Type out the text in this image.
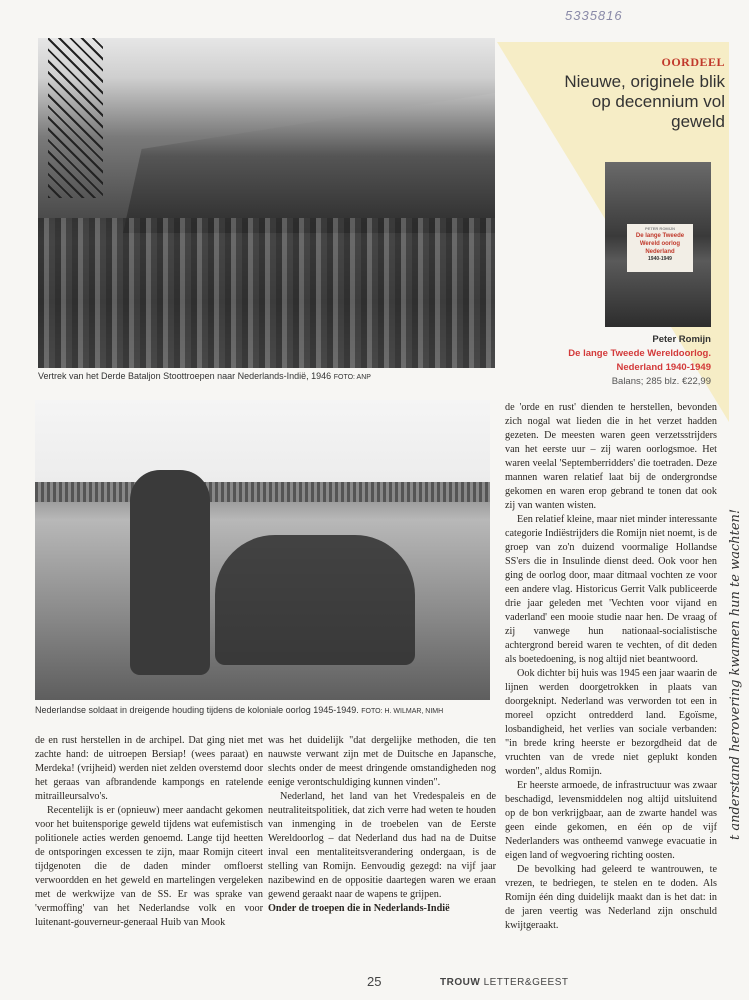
5335816
Vertrek van het Derde Bataljon Stoottroepen naar Nederlands-Indië, 1946 FOTO: ANP
OORDEEL
Nieuwe, originele blik op decennium vol geweld
PETER ROMIJN
De lange Tweede Wereld oorlog Nederland
1940-1949
Peter Romijn
De lange Tweede Wereldoorlog.
Nederland 1940-1949
Balans; 285 blz. €22,99
Nederlandse soldaat in dreigende houding tijdens de koloniale oorlog 1945-1949. FOTO: H. WILMAR, NIMH

de 'orde en rust' dienden te herstellen, bevonden zich nogal wat lieden die in het verzet hadden gezeten. De meesten waren geen verzetsstrijders van het eerste uur – zij waren oorlogsmoe. Het waren veelal 'Septemberridders' die toetraden. Deze mannen waren relatief laat bij de ondergrondse gekomen en waren erop gebrand te tonen dat ook zij van wanten wisten.

Een relatief kleine, maar niet minder interessante categorie Indiëstrijders die Romijn niet noemt, is de groep van zo'n duizend voormalige Hollandse SS'ers die in Insulinde dienst deed. Ook voor hen ging de oorlog door, maar ditmaal vochten ze voor een andere vlag. Historicus Gerrit Valk publiceerde drie jaar geleden met 'Vechten voor vijand en vaderland' een mooie studie naar hen. De vraag of zij vanwege hun nationaal-socialistische achtergrond bereid waren te vechten, of dit deden als boetedoening, is nog altijd niet beantwoord.

Ook dichter bij huis was 1945 een jaar waarin de lijnen werden doorgetrokken in plaats van doorgeknipt. Nederland was verworden tot een in moreel opzicht ontredderd land. Egoïsme, losbandigheid, het verlies van sociale verbanden: "in brede kring heerste er bezorgdheid dat de vruchten van de vrede niet geplukt konden worden", aldus Romijn.

Er heerste armoede, de infrastructuur was zwaar beschadigd, levensmiddelen nog altijd uitsluitend op de bon verkrijgbaar, aan de zwarte handel was geen einde gekomen, en één op de vijf Nederlanders was ontheemd vanwege evacuatie in eigen land of wegvoering richting oosten.

De bevolking had geleerd te wantrouwen, te vrezen, te bedriegen, te stelen en te doden. Als Romijn één ding duidelijk maakt dan is het dat: in de jaren veertig was Nederland zijn onschuld kwijtgeraakt.

de en rust herstellen in de archipel. Dat ging niet met zachte hand: de uitroepen Bersiap! (wees paraat) en Merdeka! (vrijheid) werden niet zelden overstemd door het geraas van afbrandende kampongs en ratelende mitrailleursalvo's.

Recentelijk is er (opnieuw) meer aandacht gekomen voor het buitensporige geweld tijdens wat eufemistisch politionele acties werden genoemd. Lange tijd heetten de ontsporingen excessen te zijn, maar Romijn citeert tijdgenoten die de daden minder omfloerst verwoordden en het geweld en martelingen vergeleken met de werkwijze van de SS. Er was sprake van 'vermoffing' van het Nederlandse volk en voor luitenant-gouverneur-generaal Huib van Mook

was het duidelijk "dat dergelijke methoden, die ten nauwste verwant zijn met de Duitsche en Japansche, slechts onder de meest dringende omstandigheden nog eenige verontschuldiging kunnen vinden".

Nederland, het land van het Vredespaleis en de neutraliteitspolitiek, dat zich verre had weten te houden van inmenging in de troebelen van de Eerste Wereldoorlog – dat Nederland dus had na de Duitse inval een mentaliteitsverandering ondergaan, is de stelling van Romijn. Eenvoudig gezegd: na vijf jaar nazibewind en de oppositie daartegen waren we eraan gewend geraakt naar de wapens te grijpen.

Onder de troepen die in Nederlands-Indië

t anderstand herovering kwamen hun te wachten!
25	TROUW LETTER&GEEST
